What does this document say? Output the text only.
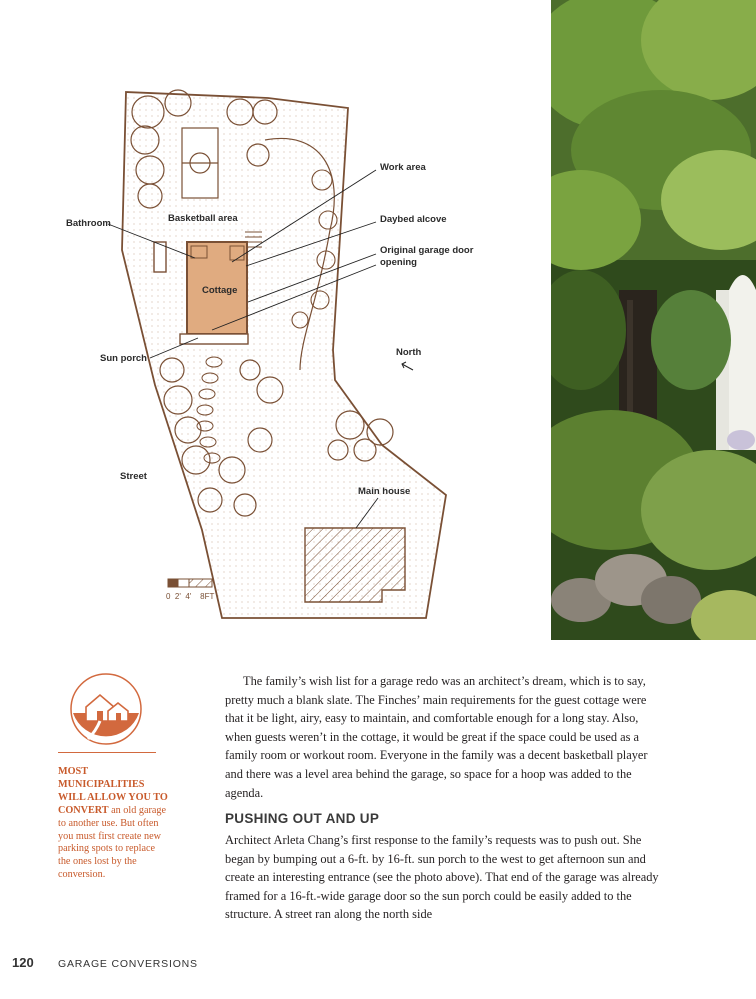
Work area
Daybed alcove
Original garage door opening
Bathroom	Basketball area
Cottage
Sun porch
North
Street
Main house
0  2'  4'    8FT
MOST MUNICIPALITIES WILL ALLOW YOU TO CONVERT an old garage to another use. But often you must first create new parking spots to replace the ones lost by the conversion.

The family’s wish list for a garage redo was an architect’s dream, which is to say, pretty much a blank slate. The Finches’ main requirements for the guest cottage were that it be light, airy, easy to maintain, and comfortable enough for a long stay. Also, when guests weren’t in the cottage, it would be great if the space could be used as a family room or workout room. Everyone in the family was a decent basketball player and there was a level area behind the garage, so space for a hoop was added to the agenda.

PUSHING OUT AND UP

Architect Arleta Chang’s first response to the family’s requests was to push out. She began by bumping out a 6-ft. by 16-ft. sun porch to the west to get afternoon sun and create an interesting entrance (see the photo above). That end of the garage was already framed for a 16-ft.-wide garage door so the sun porch could be easily added to the structure. A street ran along the north side

120 GARAGE CONVERSIONS
